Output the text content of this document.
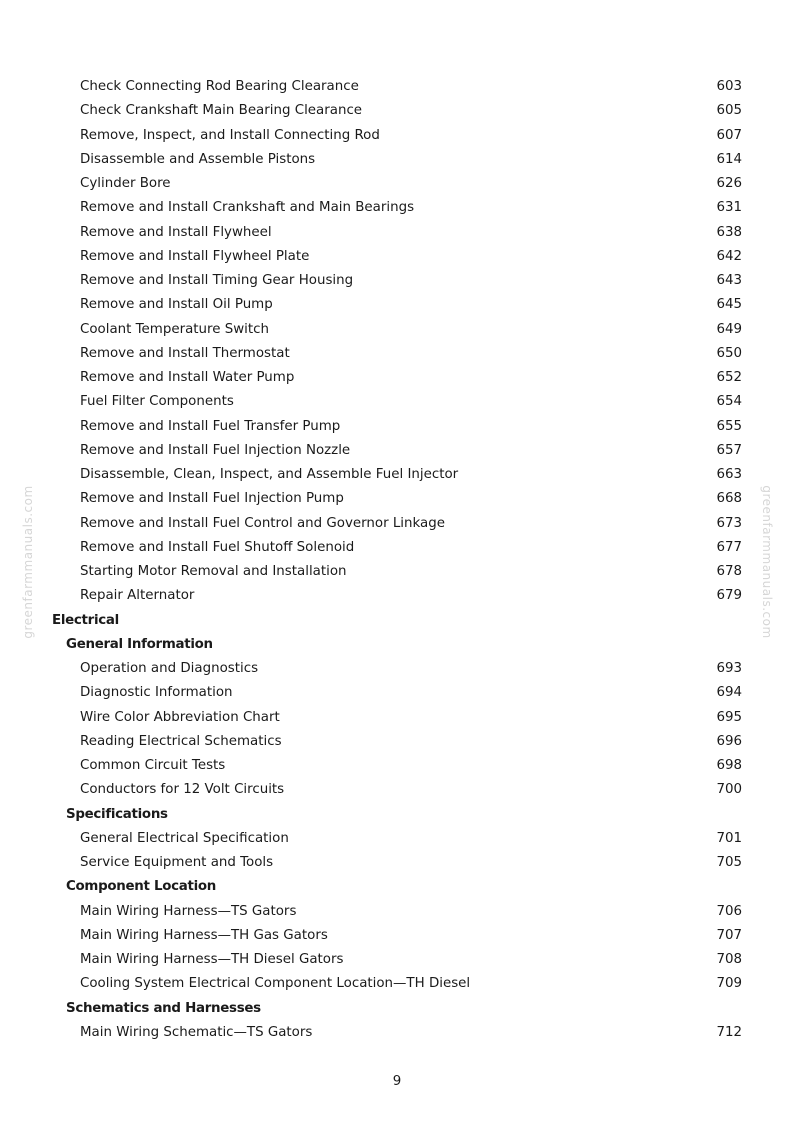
greenfarmmanuals.com	greenfarmmanuals.com
Check Connecting Rod Bearing Clearance	603
Check Crankshaft Main Bearing Clearance	605
Remove, Inspect, and Install Connecting Rod	607
Disassemble and Assemble Pistons	614
Cylinder Bore	626
Remove and Install Crankshaft and Main Bearings	631
Remove and Install Flywheel	638
Remove and Install Flywheel Plate	642
Remove and Install Timing Gear Housing	643
Remove and Install Oil Pump	645
Coolant Temperature Switch	649
Remove and Install Thermostat	650
Remove and Install Water Pump	652
Fuel Filter Components	654
Remove and Install Fuel Transfer Pump	655
Remove and Install Fuel Injection Nozzle	657
Disassemble, Clean, Inspect, and Assemble Fuel Injector	663
Remove and Install Fuel Injection Pump	668
Remove and Install Fuel Control and Governor Linkage	673
Remove and Install Fuel Shutoff Solenoid	677
Starting Motor Removal and Installation	678
Repair Alternator	679
Electrical
General Information
Operation and Diagnostics	693
Diagnostic Information	694
Wire Color Abbreviation Chart	695
Reading Electrical Schematics	696
Common Circuit Tests	698
Conductors for 12 Volt Circuits	700
Specifications
General Electrical Specification	701
Service Equipment and Tools	705
Component Location
Main Wiring Harness—TS Gators	706
Main Wiring Harness—TH Gas Gators	707
Main Wiring Harness—TH Diesel Gators	708
Cooling System Electrical Component Location—TH Diesel	709
Schematics and Harnesses
Main Wiring Schematic—TS Gators	712
9
